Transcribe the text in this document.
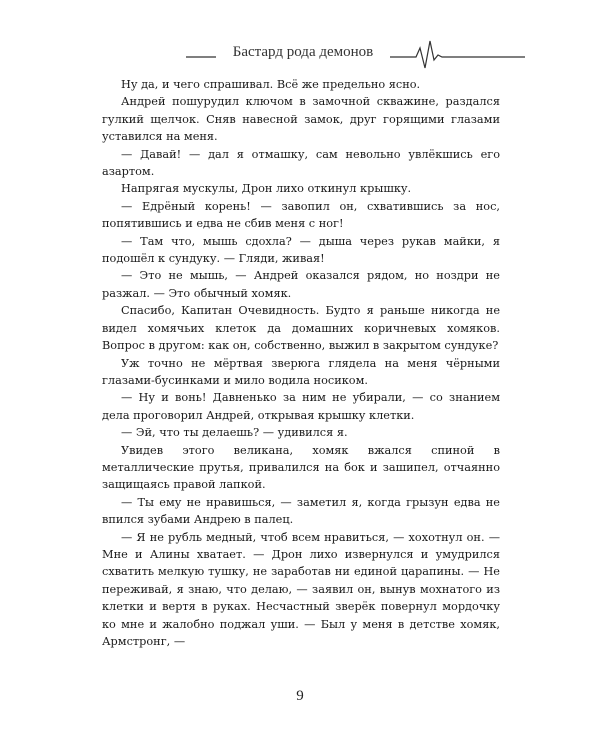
Бастард рода демонов

Ну да, и чего спрашивал. Всё же предельно ясно.

Андрей пошурудил ключом в замочной скважине, раздался гулкий щелчок. Сняв навесной замок, друг горящими глазами уставился на меня.

— Давай! — дал я отмашку, сам невольно увлёкшись его азартом.

Напрягая мускулы, Дрон лихо откинул крышку.

— Едрёный корень! — завопил он, схватившись за нос, попятившись и едва не сбив меня с ног!

— Там что, мышь сдохла? — дыша через рукав майки, я подошёл к сундуку. — Гляди, живая!

— Это не мышь, — Андрей оказался рядом, но ноздри не разжал. — Это обычный хомяк.

Спасибо, Капитан Очевидность. Будто я раньше никогда не видел хомячьих клеток да домашних коричневых хомяков. Вопрос в другом: как он, собственно, выжил в закрытом сундуке?

Уж точно не мёртвая зверюга глядела на меня чёрными глазами-бусинками и мило водила носиком.

— Ну и вонь! Давненько за ним не убирали, — со знанием дела проговорил Андрей, открывая крышку клетки.

— Эй, что ты делаешь? — удивился я.

Увидев этого великана, хомяк вжался спиной в металлические прутья, привалился на бок и зашипел, отчаянно защищаясь правой лапкой.

— Ты ему не нравишься, — заметил я, когда грызун едва не впился зубами Андрею в палец.

— Я не рубль медный, чтоб всем нравиться, — хохотнул он. — Мне и Алины хватает. — Дрон лихо извернулся и умудрился схватить мелкую тушку, не заработав ни единой царапины. — Не переживай, я знаю, что делаю, — заявил он, вынув мохнатого из клетки и вертя в руках. Несчастный зверёк повернул мордочку ко мне и жалобно поджал уши. — Был у меня в детстве хомяк, Армстронг, —

9
